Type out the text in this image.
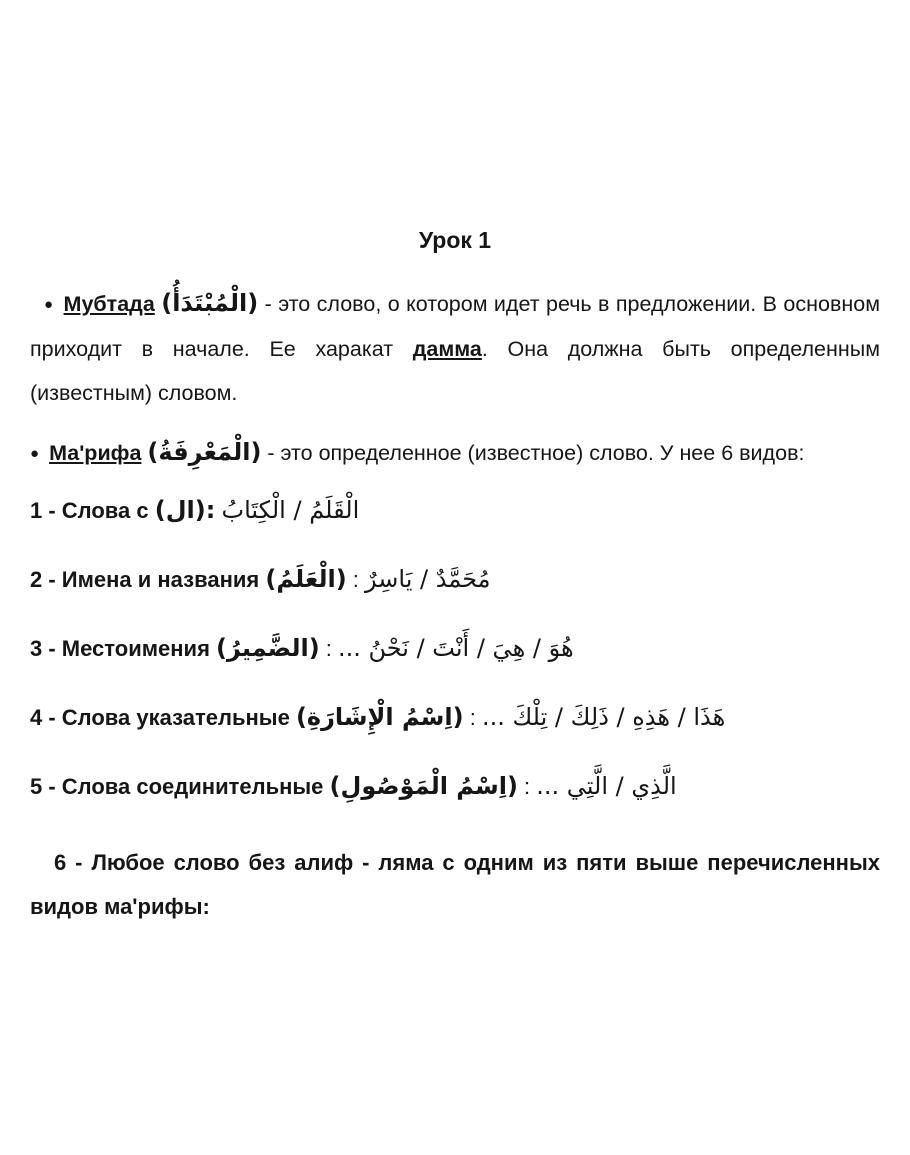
Урок 1

● Мубтада (الْمُبْتَدَأُ) - это слово, о котором идет речь в предложении. В основном приходит в начале. Ее харакат дамма. Она должна быть определенным (известным) словом.

● Ма'рифа (الْمَعْرِفَةُ) - это определенное (известное) слово. У нее 6 видов:

1 - Слова с (ال): الْقَلَمُ / الْكِتَابُ
2 - Имена и названия (الْعَلَمُ) : مُحَمَّدٌ / يَاسِرٌ
3 - Местоимения (الضَّمِيرُ) : هُوَ / هِيَ / أَنْتَ / نَحْنُ ...
4 - Слова указательные (اِسْمُ الْإِشَارَةِ) : هَذَا / هَذِهِ / ذَلِكَ / تِلْكَ ...
5 - Слова соединительные (اِسْمُ الْمَوْصُولِ) : الَّذِي / الَّتِي ...

6 - Любое слово без алиф - ляма с одним из пяти выше перечисленных видов ма'рифы:
